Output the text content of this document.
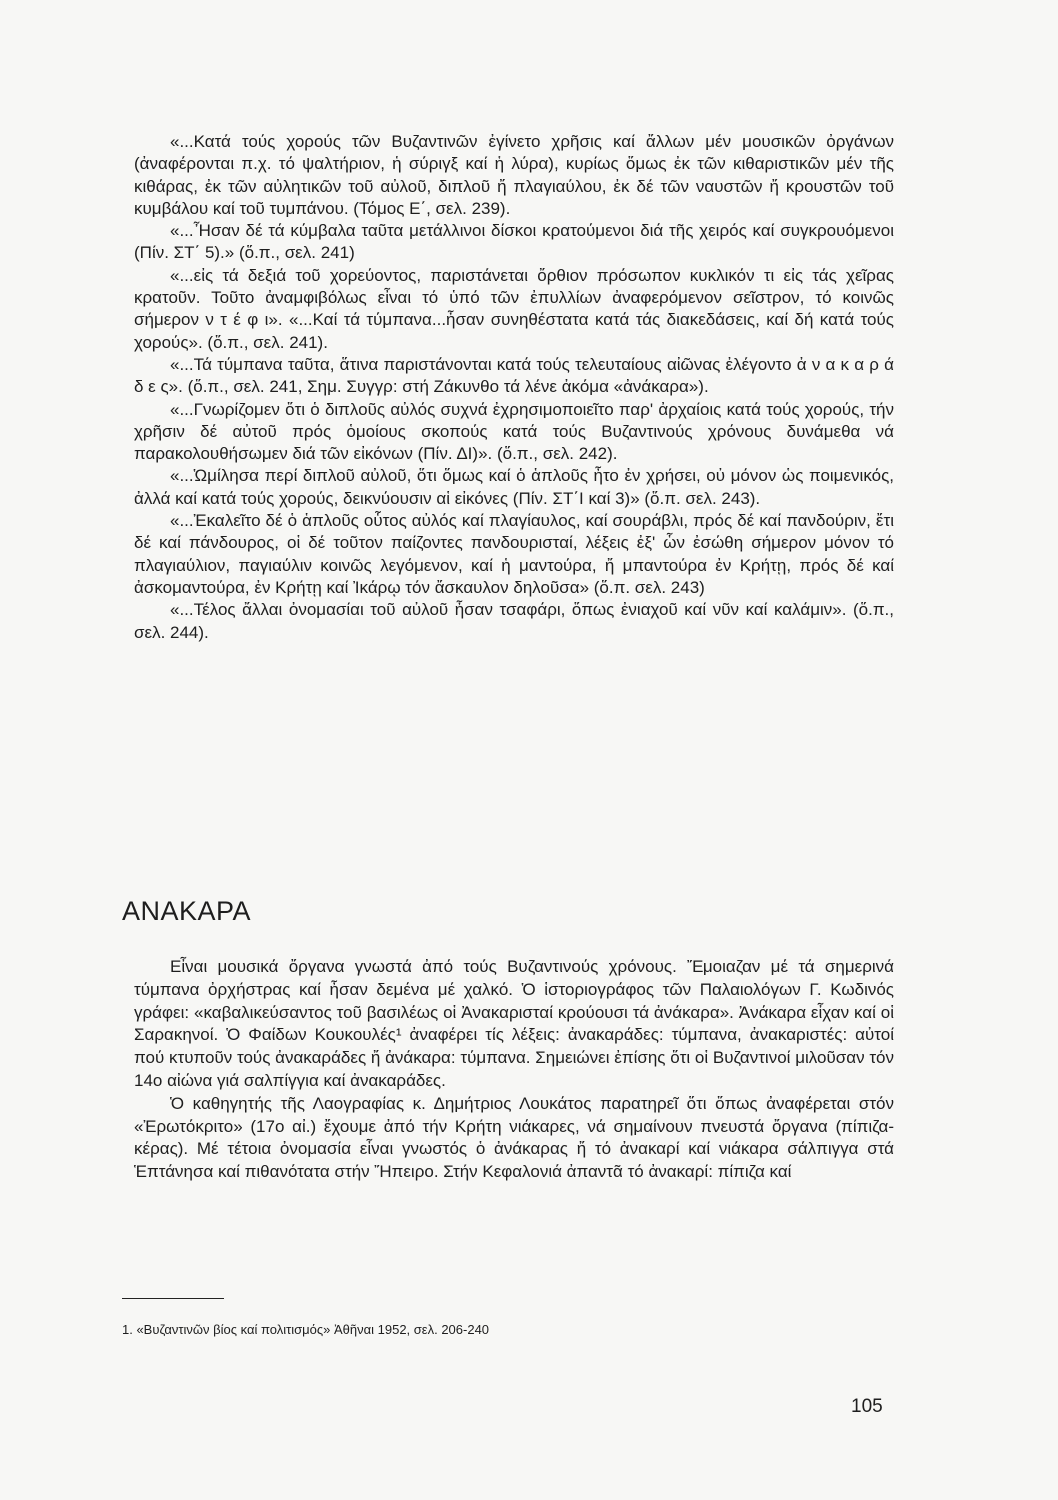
«...Κατά τούς χορούς τῶν Βυζαντινῶν ἐγίνετο χρῆσις καί ἄλλων μέν μουσικῶν ὀργάνων (ἀναφέρονται π.χ. τό ψαλτήριον, ἡ σύριγξ καί ἡ λύρα), κυρίως ὅμως ἐκ τῶν κιθαριστικῶν μέν τῆς κιθάρας, ἐκ τῶν αὐλητικῶν τοῦ αὐλοῦ, διπλοῦ ἤ πλαγιαύλου, ἐκ δέ τῶν ναυστῶν ἤ κρουστῶν τοῦ κυμβάλου καί τοῦ τυμπάνου. (Τόμος Ε΄, σελ. 239).

«...Ἦσαν δέ τά κύμβαλα ταῦτα μετάλλινοι δίσκοι κρατούμενοι διά τῆς χειρός καί συγκρουόμενοι (Πίν. ΣΤ΄ 5).» (ὅ.π., σελ. 241)

«...εἰς τά δεξιά τοῦ χορεύοντος, παριστάνεται ὄρθιον πρόσωπον κυκλικόν τι εἰς τάς χεῖρας κρατοῦν. Τοῦτο ἀναμφιβόλως εἶναι τό ὑπό τῶν ἐπυλλίων ἀναφερόμενον σεῖστρον, τό κοινῶς σήμερον ν τ έ φ ι». «...Καί τά τύμπανα...ἦσαν συνηθέστατα κατά τάς διακεδάσεις, καί δή κατά τούς χορούς». (ὅ.π., σελ. 241).

«...Τά τύμπανα ταῦτα, ἅτινα παριστάνονται κατά τούς τελευταίους αἰῶνας ἐλέγοντο ἀ ν α κ α ρ ά δ ε ς». (ὅ.π., σελ. 241, Σημ. Συγγρ: στή Ζάκυνθο τά λένε ἀκόμα «ἀνάκαρα»).

«...Γνωρίζομεν ὅτι ὁ διπλοῦς αὐλός συχνά ἐχρησιμοποιεῖτο παρ' ἀρχαίοις κατά τούς χορούς, τήν χρῆσιν δέ αὐτοῦ πρός ὁμοίους σκοπούς κατά τούς Βυζαντινούς χρόνους δυνάμεθα νά παρακολουθήσωμεν διά τῶν εἰκόνων (Πίν. ΔΙ)». (ὅ.π., σελ. 242).

«...Ὡμίλησα περί διπλοῦ αὐλοῦ, ὅτι ὅμως καί ὁ ἁπλοῦς ἦτο ἐν χρήσει, οὐ μόνον ὡς ποιμενικός, ἀλλά καί κατά τούς χορούς, δεικνύουσιν αἱ εἰκόνες (Πίν. ΣΤ΄Ι καί 3)» (ὅ.π. σελ. 243).

«...Ἐκαλεῖτο δέ ὁ ἁπλοῦς οὗτος αὐλός καί πλαγίαυλος, καί σουράβλι, πρός δέ καί πανδούριν, ἔτι δέ καί πάνδουρος, οἱ δέ τοῦτον παίζοντες πανδουρισταί, λέξεις ἐξ' ὧν ἐσώθη σήμερον μόνον τό πλαγιαύλιον, παγιαύλιν κοινῶς λεγόμενον, καί ἡ μαντούρα, ἤ μπαντούρα ἐν Κρήτῃ, πρός δέ καί ἀσκομαντούρα, ἐν Κρήτῃ καί Ἰκάρῳ τόν ἄσκαυλον δηλοῦσα» (ὅ.π. σελ. 243)

«...Τέλος ἄλλαι ὀνομασίαι τοῦ αὐλοῦ ἦσαν τσαφάρι, ὅπως ἐνιαχοῦ καί νῦν καί καλάμιν». (ὅ.π., σελ. 244).

ΑΝΑΚΑΡΑ

Εἶναι μουσικά ὄργανα γνωστά ἀπό τούς Βυζαντινούς χρόνους. Ἔμοιαζαν μέ τά σημερινά τύμπανα ὀρχήστρας καί ἦσαν δεμένα μέ χαλκό. Ὁ ἱστοριογράφος τῶν Παλαιολόγων Γ. Κωδινός γράφει: «καβαλικεύσαντος τοῦ βασιλέως οἱ Ἀνακαρισταί κρούουσι τά ἀνάκαρα». Ἀνάκαρα εἶχαν καί οἱ Σαρακηνοί. Ὁ Φαίδων Κουκουλές¹ ἀναφέρει τίς λέξεις: ἀνακαράδες: τύμπανα, ἀνακαριστές: αὐτοί πού κτυποῦν τούς ἀνακαράδες ἤ ἀνάκαρα: τύμπανα. Σημειώνει ἐπίσης ὅτι οἱ Βυζαντινοί μιλοῦσαν τόν 14ο αἰώνα γιά σαλπίγγια καί ἀνακαράδες.

Ὁ καθηγητής τῆς Λαογραφίας κ. Δημήτριος Λουκάτος παρατηρεῖ ὅτι ὅπως ἀναφέρεται στόν «Ἐρωτόκριτο» (17ο αἰ.) ἔχουμε ἀπό τήν Κρήτη νιάκαρες, νά σημαίνουν πνευστά ὄργανα (πίπιζα-κέρας). Μέ τέτοια ὀνομασία εἶναι γνωστός ὁ ἀνάκαρας ἤ τό ἀνακαρί καί νιάκαρα σάλπιγγα στά Ἑπτάνησα καί πιθανότατα στήν Ἤπειρο. Στήν Κεφαλονιά ἀπαντᾶ τό ἀνακαρί: πίπιζα καί

1. «Βυζαντινῶν βίος καί πολιτισμός» Ἀθῆναι 1952, σελ. 206-240

105
